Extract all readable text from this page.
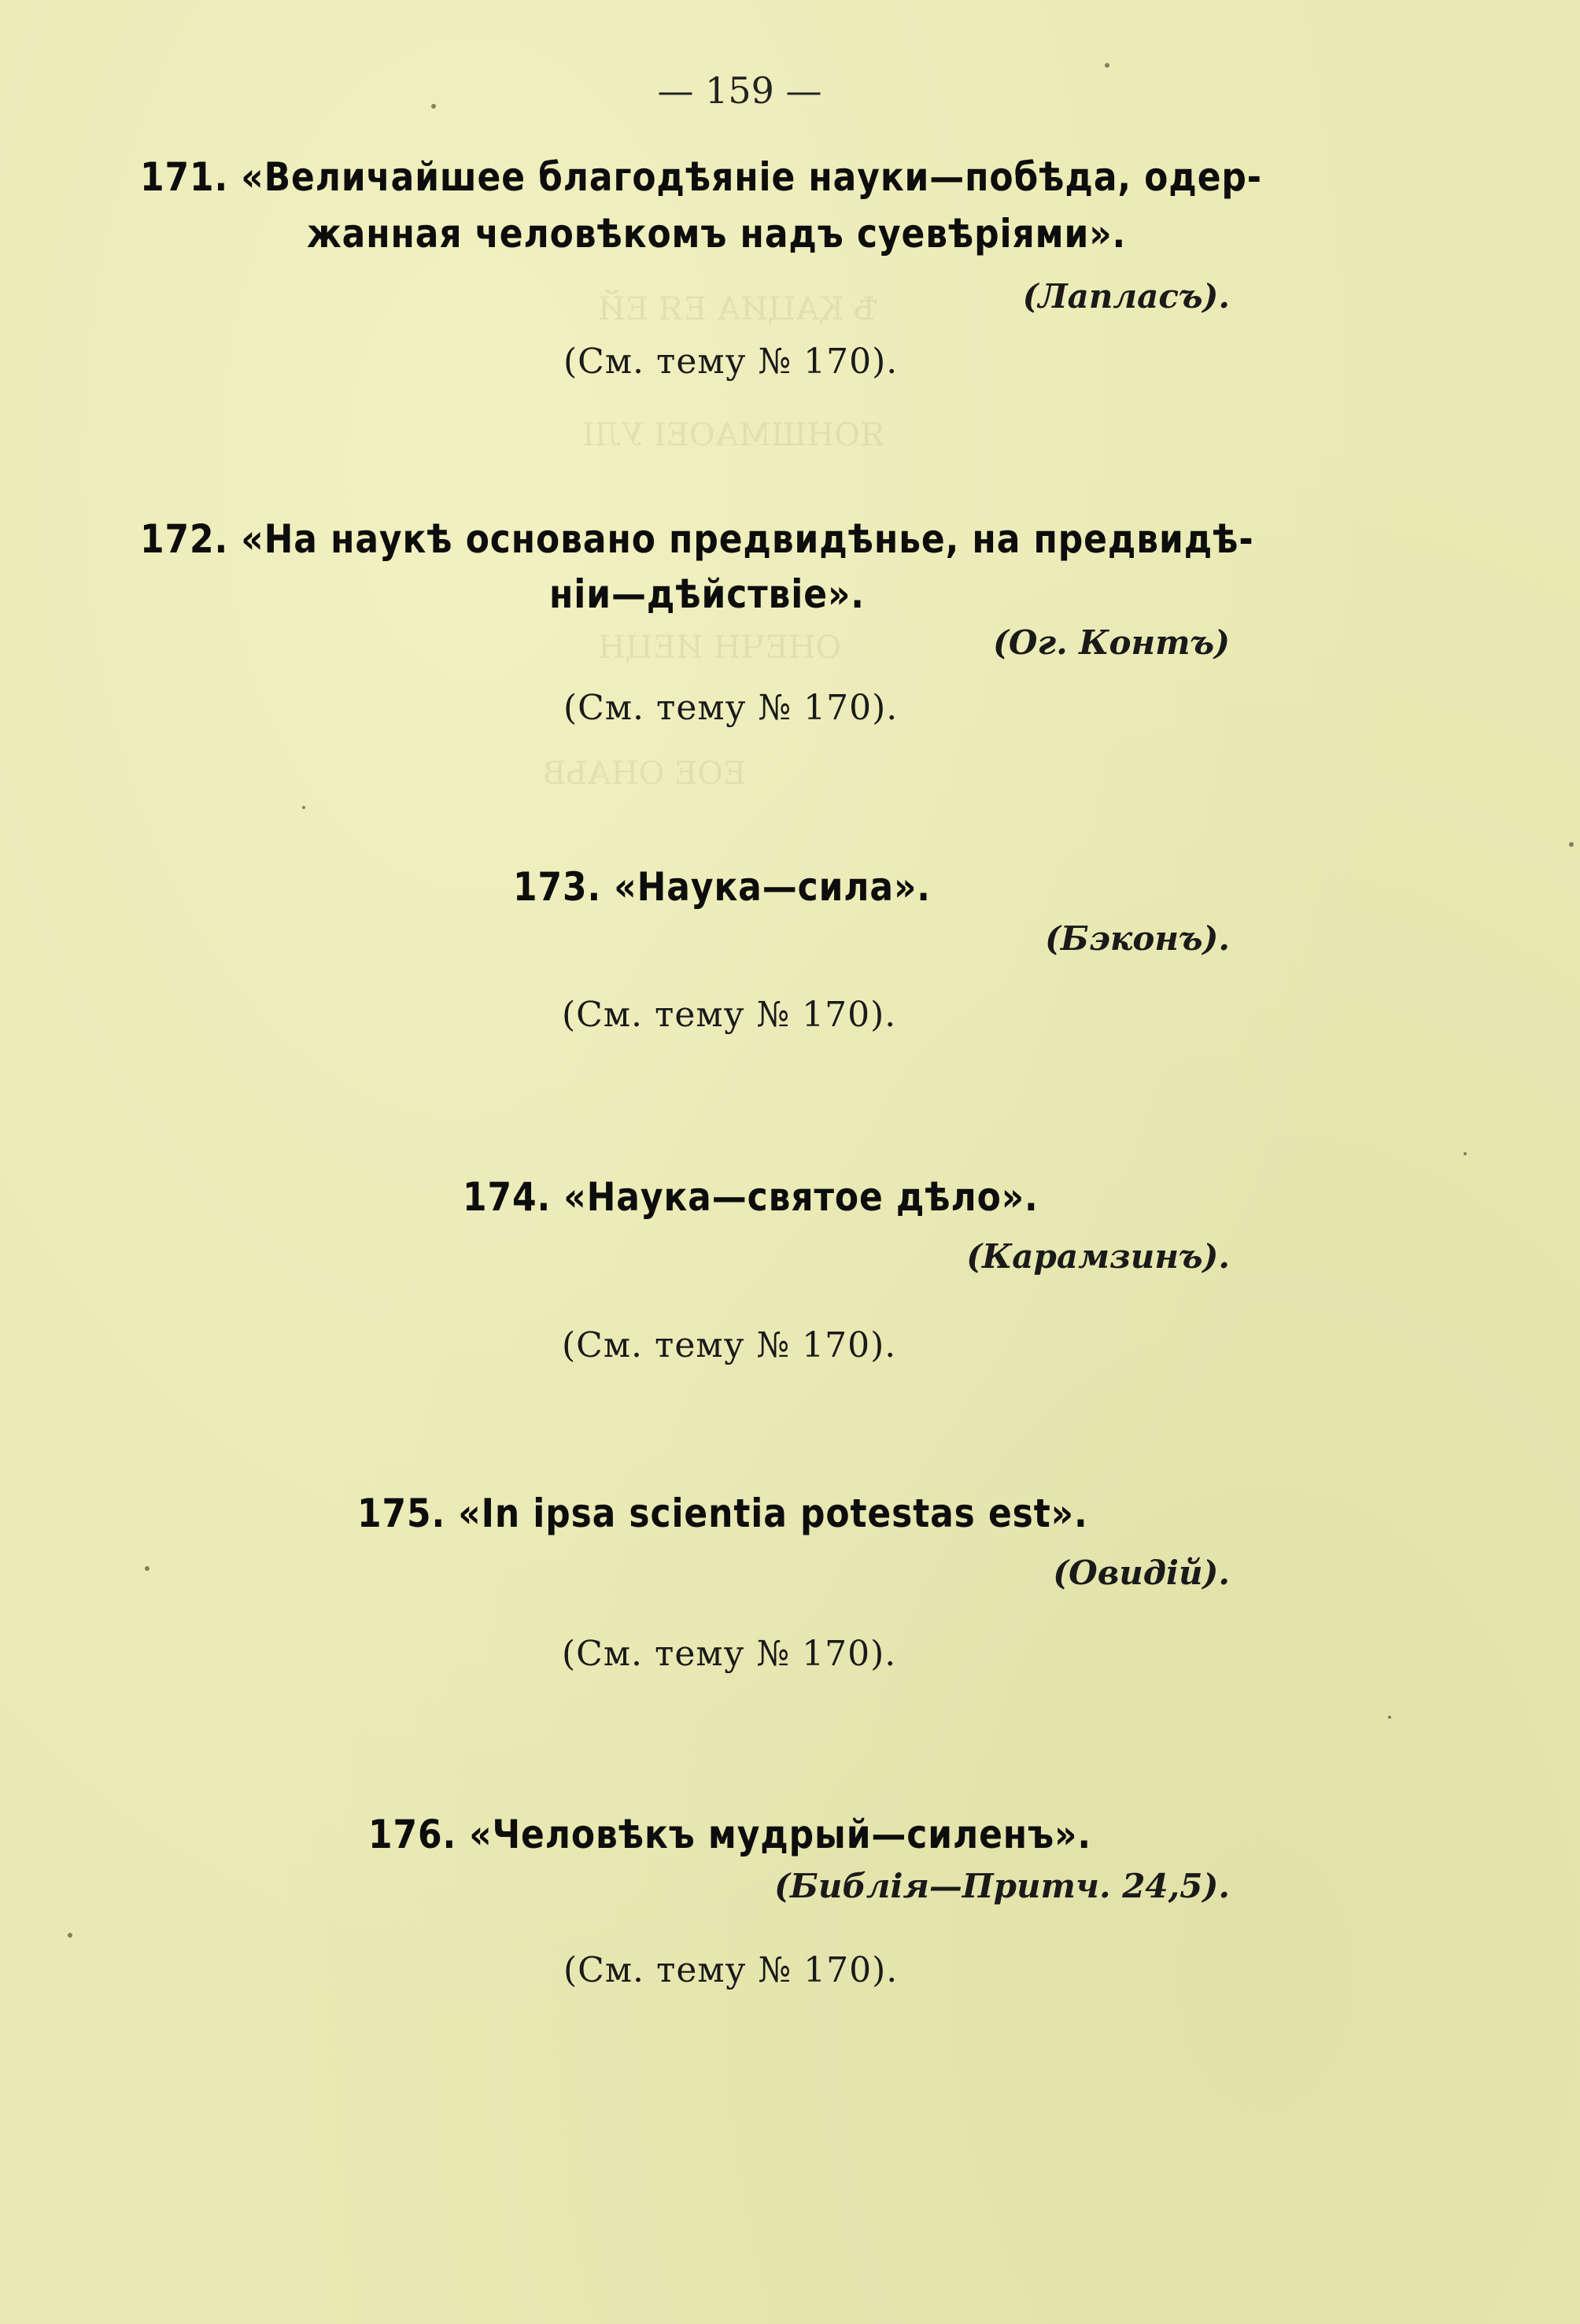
Ѣ ҚАЦИА ЕЯ ЕЙ
ЯОНШМАОЕІ УЛІ
ОНЕЧН ИЕЦН
ЕОЕ ОНАЬВ
— 159 —
171. «Величайшее благодѣяніе науки—побѣда, одер-
жанная человѣкомъ надъ суевѣріями».
(Лапласъ).
(См. тему № 170).
172. «На наукѣ основано предвидѣнье, на предвидѣ-
ніи—дѣйствіе».
(Ог. Контъ)
(См. тему № 170).
173. «Наука—сила».
(Бэконъ).
(См. тему № 170).
174. «Наука—святое дѣло».
(Карамзинъ).
(См. тему № 170).
175. «In ipsa scientia potestas est».
(Овидій).
(См. тему № 170).
176. «Человѣкъ мудрый—силенъ».
(Библія—Притч. 24,5).
(См. тему № 170).
